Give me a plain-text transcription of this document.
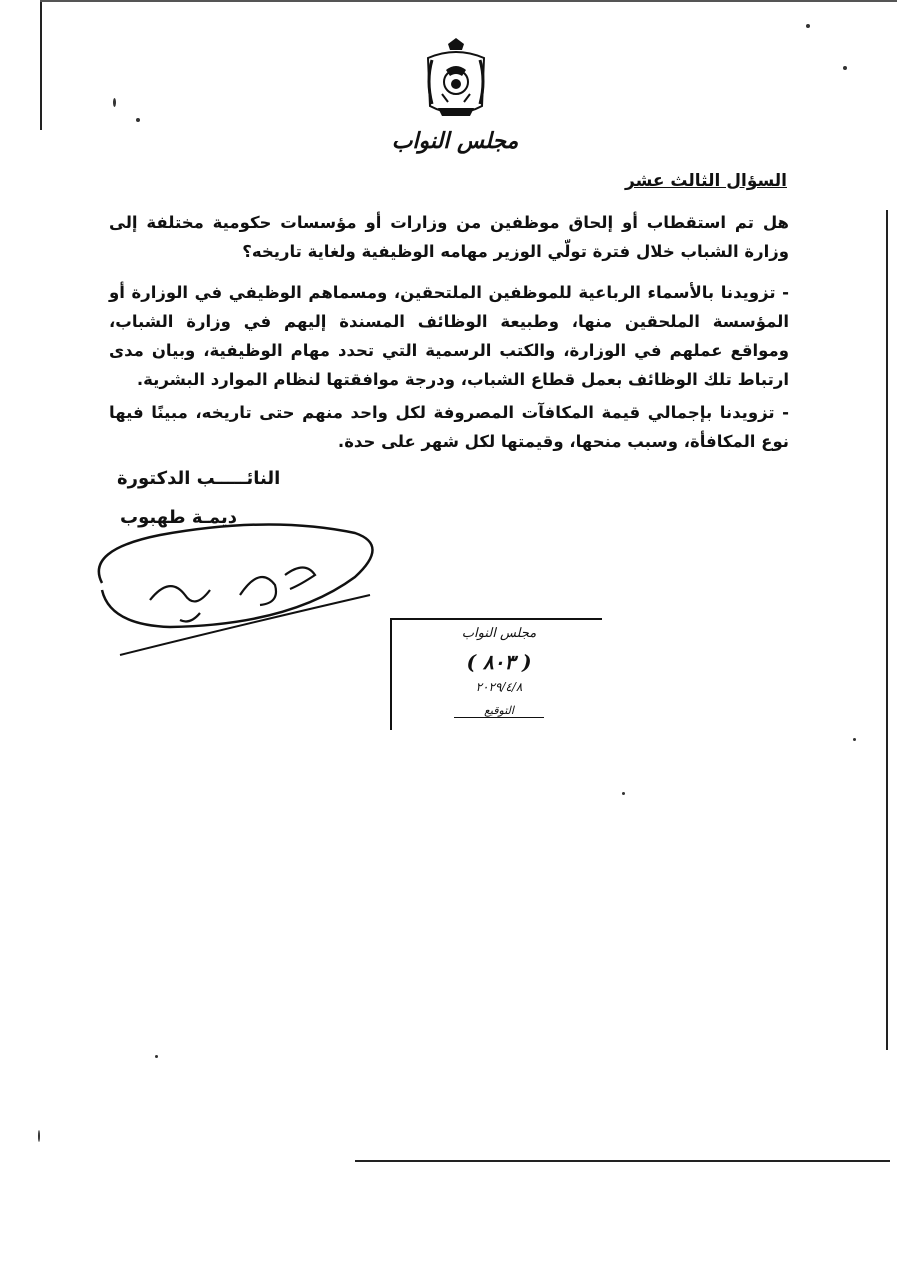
مجلس النواب
السؤال الثالث عشر
هل تم استقطاب أو إلحاق موظفين من وزارات أو مؤسسات حكومية مختلفة إلى وزارة الشباب خلال فترة تولّي الوزير مهامه الوظيفية ولغاية تاريخه؟
- تزويدنا بالأسماء الرباعية للموظفين الملتحقين، ومسماهم الوظيفي في الوزارة أو المؤسسة الملحقين منها، وطبيعة الوظائف المسندة إليهم في وزارة الشباب، ومواقع عملهم في الوزارة، والكتب الرسمية التي تحدد مهام الوظيفية، وبيان مدى ارتباط تلك الوظائف بعمل قطاع الشباب، ودرجة موافقتها لنظام الموارد البشرية.
- تزويدنا بإجمالي قيمة المكافآت المصروفة لكل واحد منهم حتى تاريخه، مبينًا فيها نوع المكافأة، وسبب منحها، وقيمتها لكل شهر على حدة.
النائـــــب الدكتورة
ديمـة طهبوب
مجلس النواب
( ٨٠٣ )
٢٠٢٩/٤/٨
التوقيع
